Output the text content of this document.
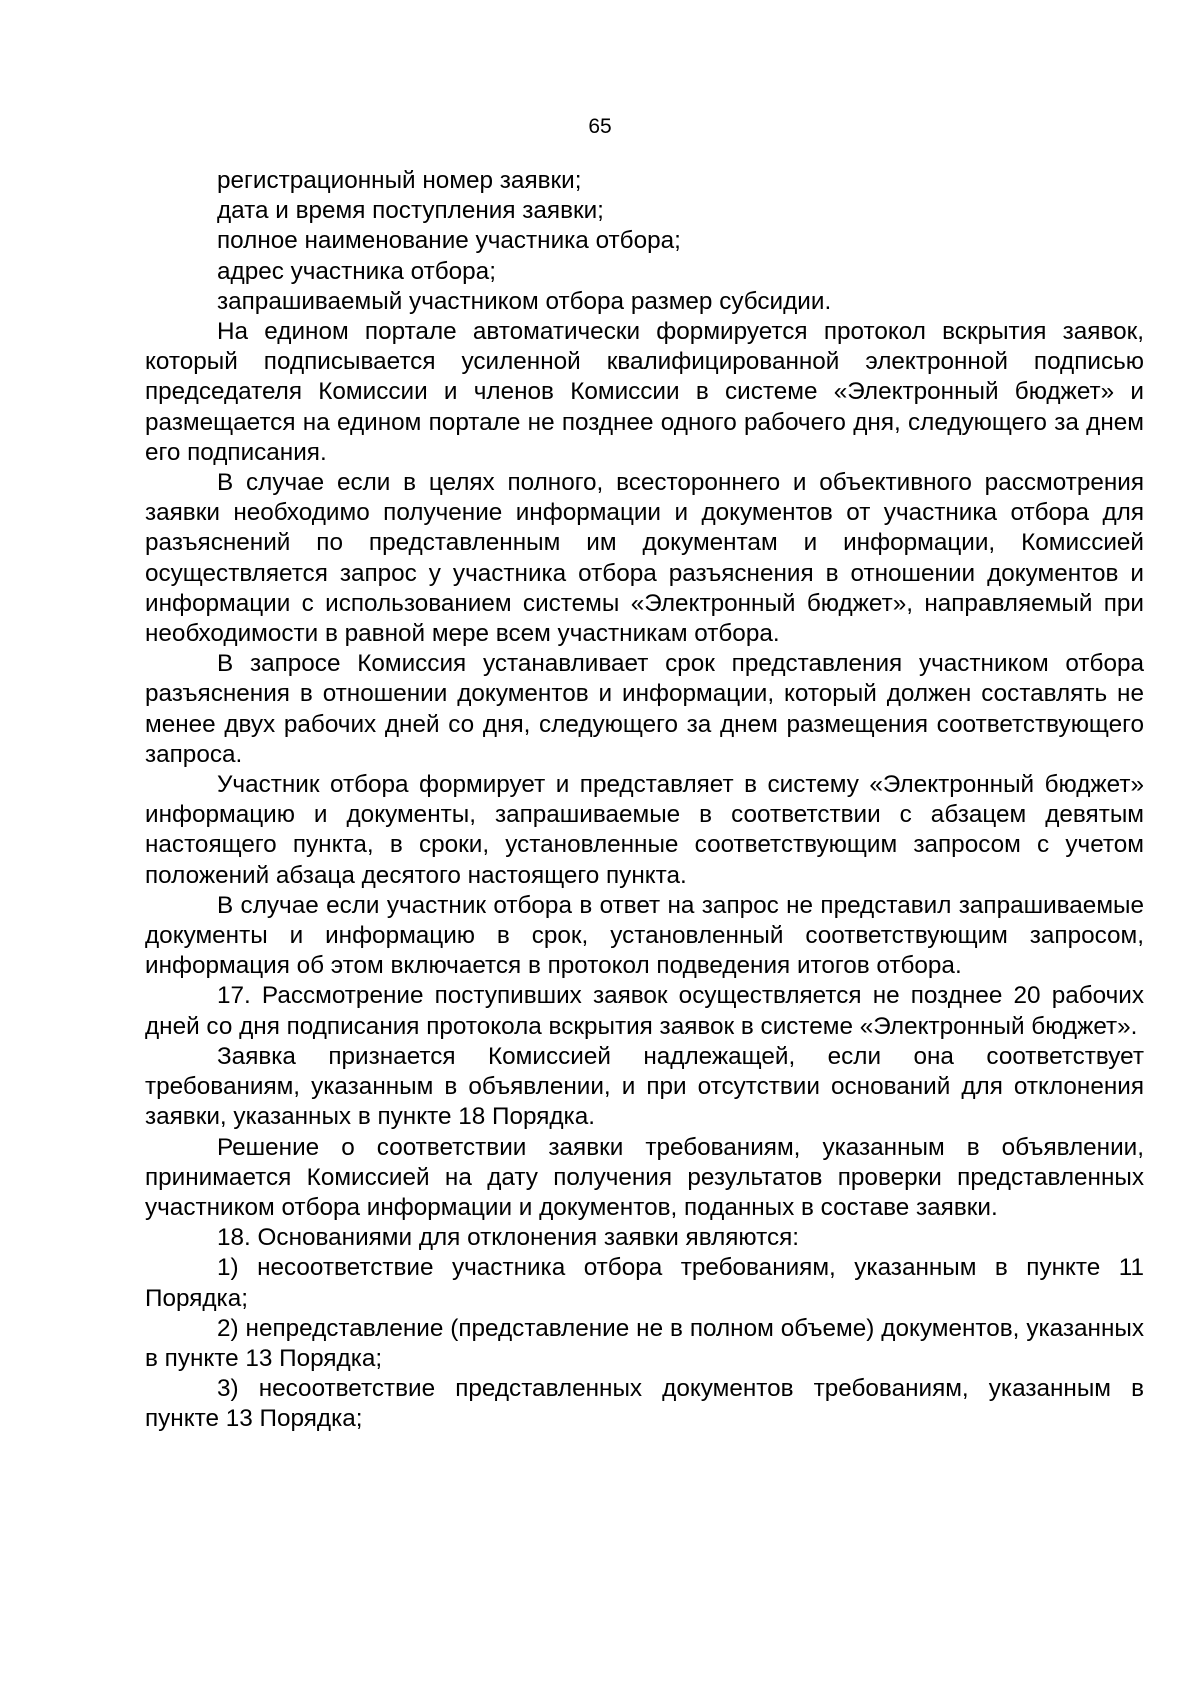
65

регистрационный номер заявки;

дата и время поступления заявки;

полное наименование участника отбора;

адрес участника отбора;

запрашиваемый участником отбора размер субсидии.

На едином портале автоматически формируется протокол вскрытия заявок, который подписывается усиленной квалифицированной электронной подписью председателя Комиссии и членов Комиссии в системе «Электронный бюджет» и размещается на едином портале не позднее одного рабочего дня, следующего за днем его подписания.

В случае если в целях полного, всестороннего и объективного рассмотрения заявки необходимо получение информации и документов от участника отбора для разъяснений по представленным им документам и информации, Комиссией осуществляется запрос у участника отбора разъяснения в отношении документов и информации с использованием системы «Электронный бюджет», направляемый при необходимости в равной мере всем участникам отбора.

В запросе Комиссия устанавливает срок представления участником отбора разъяснения в отношении документов и информации, который должен составлять не менее двух рабочих дней со дня, следующего за днем размещения соответствующего запроса.

Участник отбора формирует и представляет в систему «Электронный бюджет» информацию и документы, запрашиваемые в соответствии с абзацем девятым настоящего пункта, в сроки, установленные соответствующим запросом с учетом положений абзаца десятого настоящего пункта.

В случае если участник отбора в ответ на запрос не представил запрашиваемые документы и информацию в срок, установленный соответствующим запросом, информация об этом включается в протокол подведения итогов отбора.

17. Рассмотрение поступивших заявок осуществляется не позднее 20 рабочих дней со дня подписания протокола вскрытия заявок в системе «Электронный бюджет».

Заявка признается Комиссией надлежащей, если она соответствует требованиям, указанным в объявлении, и при отсутствии оснований для отклонения заявки, указанных в пункте 18 Порядка.

Решение о соответствии заявки требованиям, указанным в объявлении, принимается Комиссией на дату получения результатов проверки представленных участником отбора информации и документов, поданных в составе заявки.

18. Основаниями для отклонения заявки являются:

1) несоответствие участника отбора требованиям, указанным в пункте 11 Порядка;

2) непредставление (представление не в полном объеме) документов, указанных в пункте 13 Порядка;

3) несоответствие представленных документов требованиям, указанным в пункте 13 Порядка;
